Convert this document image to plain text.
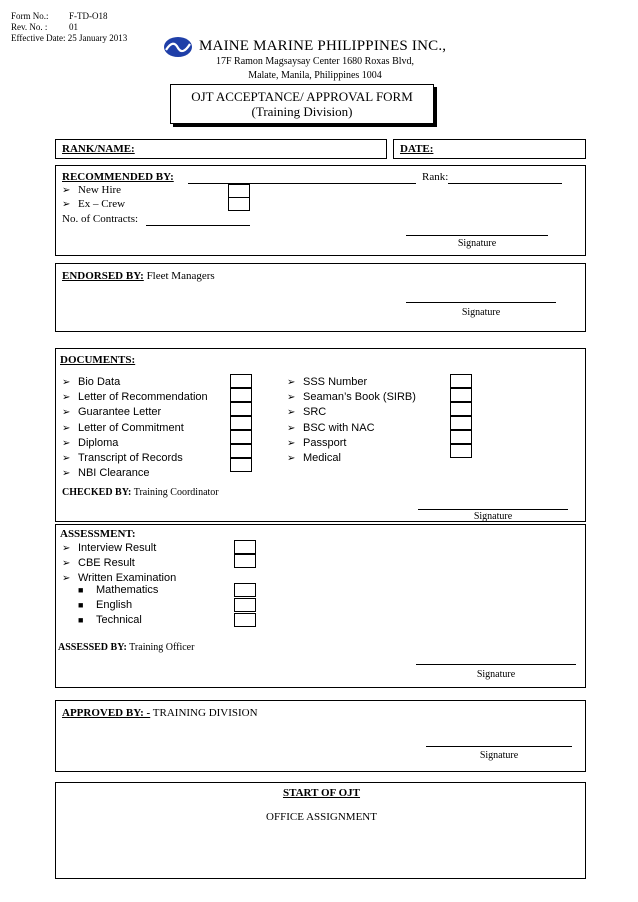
Form No.: F-TD-O18
Rev. No. : 01
Effective Date: 25 January 2013	MAINE MARINE PHILIPPINES INC.,
17F Ramon Magsaysay Center 1680 Roxas Blvd,
Malate, Manila, Philippines 1004
OJT ACCEPTANCE/ APPROVAL FORM
(Training Division)
RANK/NAME:	DATE:
RECOMMENDED BY:	Rank:
➢ New Hire
➢ Ex – Crew
No. of Contracts:
Signature
ENDORSED BY: Fleet Managers
Signature
DOCUMENTS:
➢ Bio Data
➢ Letter of Recommendation
➢ Guarantee Letter
➢ Letter of Commitment
➢ Diploma
➢ Transcript of Records
➢ NBI Clearance
➢ SSS Number
➢ Seaman’s Book (SIRB)
➢ SRC
➢ BSC with NAC
➢ Passport
➢ Medical
CHECKED BY: Training Coordinator
Signature
ASSESSMENT:
➢ Interview Result
➢ CBE Result
➢ Written Examination
■ Mathematics
■ English
■ Technical
ASSESSED BY: Training Officer
Signature
APPROVED BY: - TRAINING DIVISION
Signature
START OF OJT
OFFICE ASSIGNMENT
